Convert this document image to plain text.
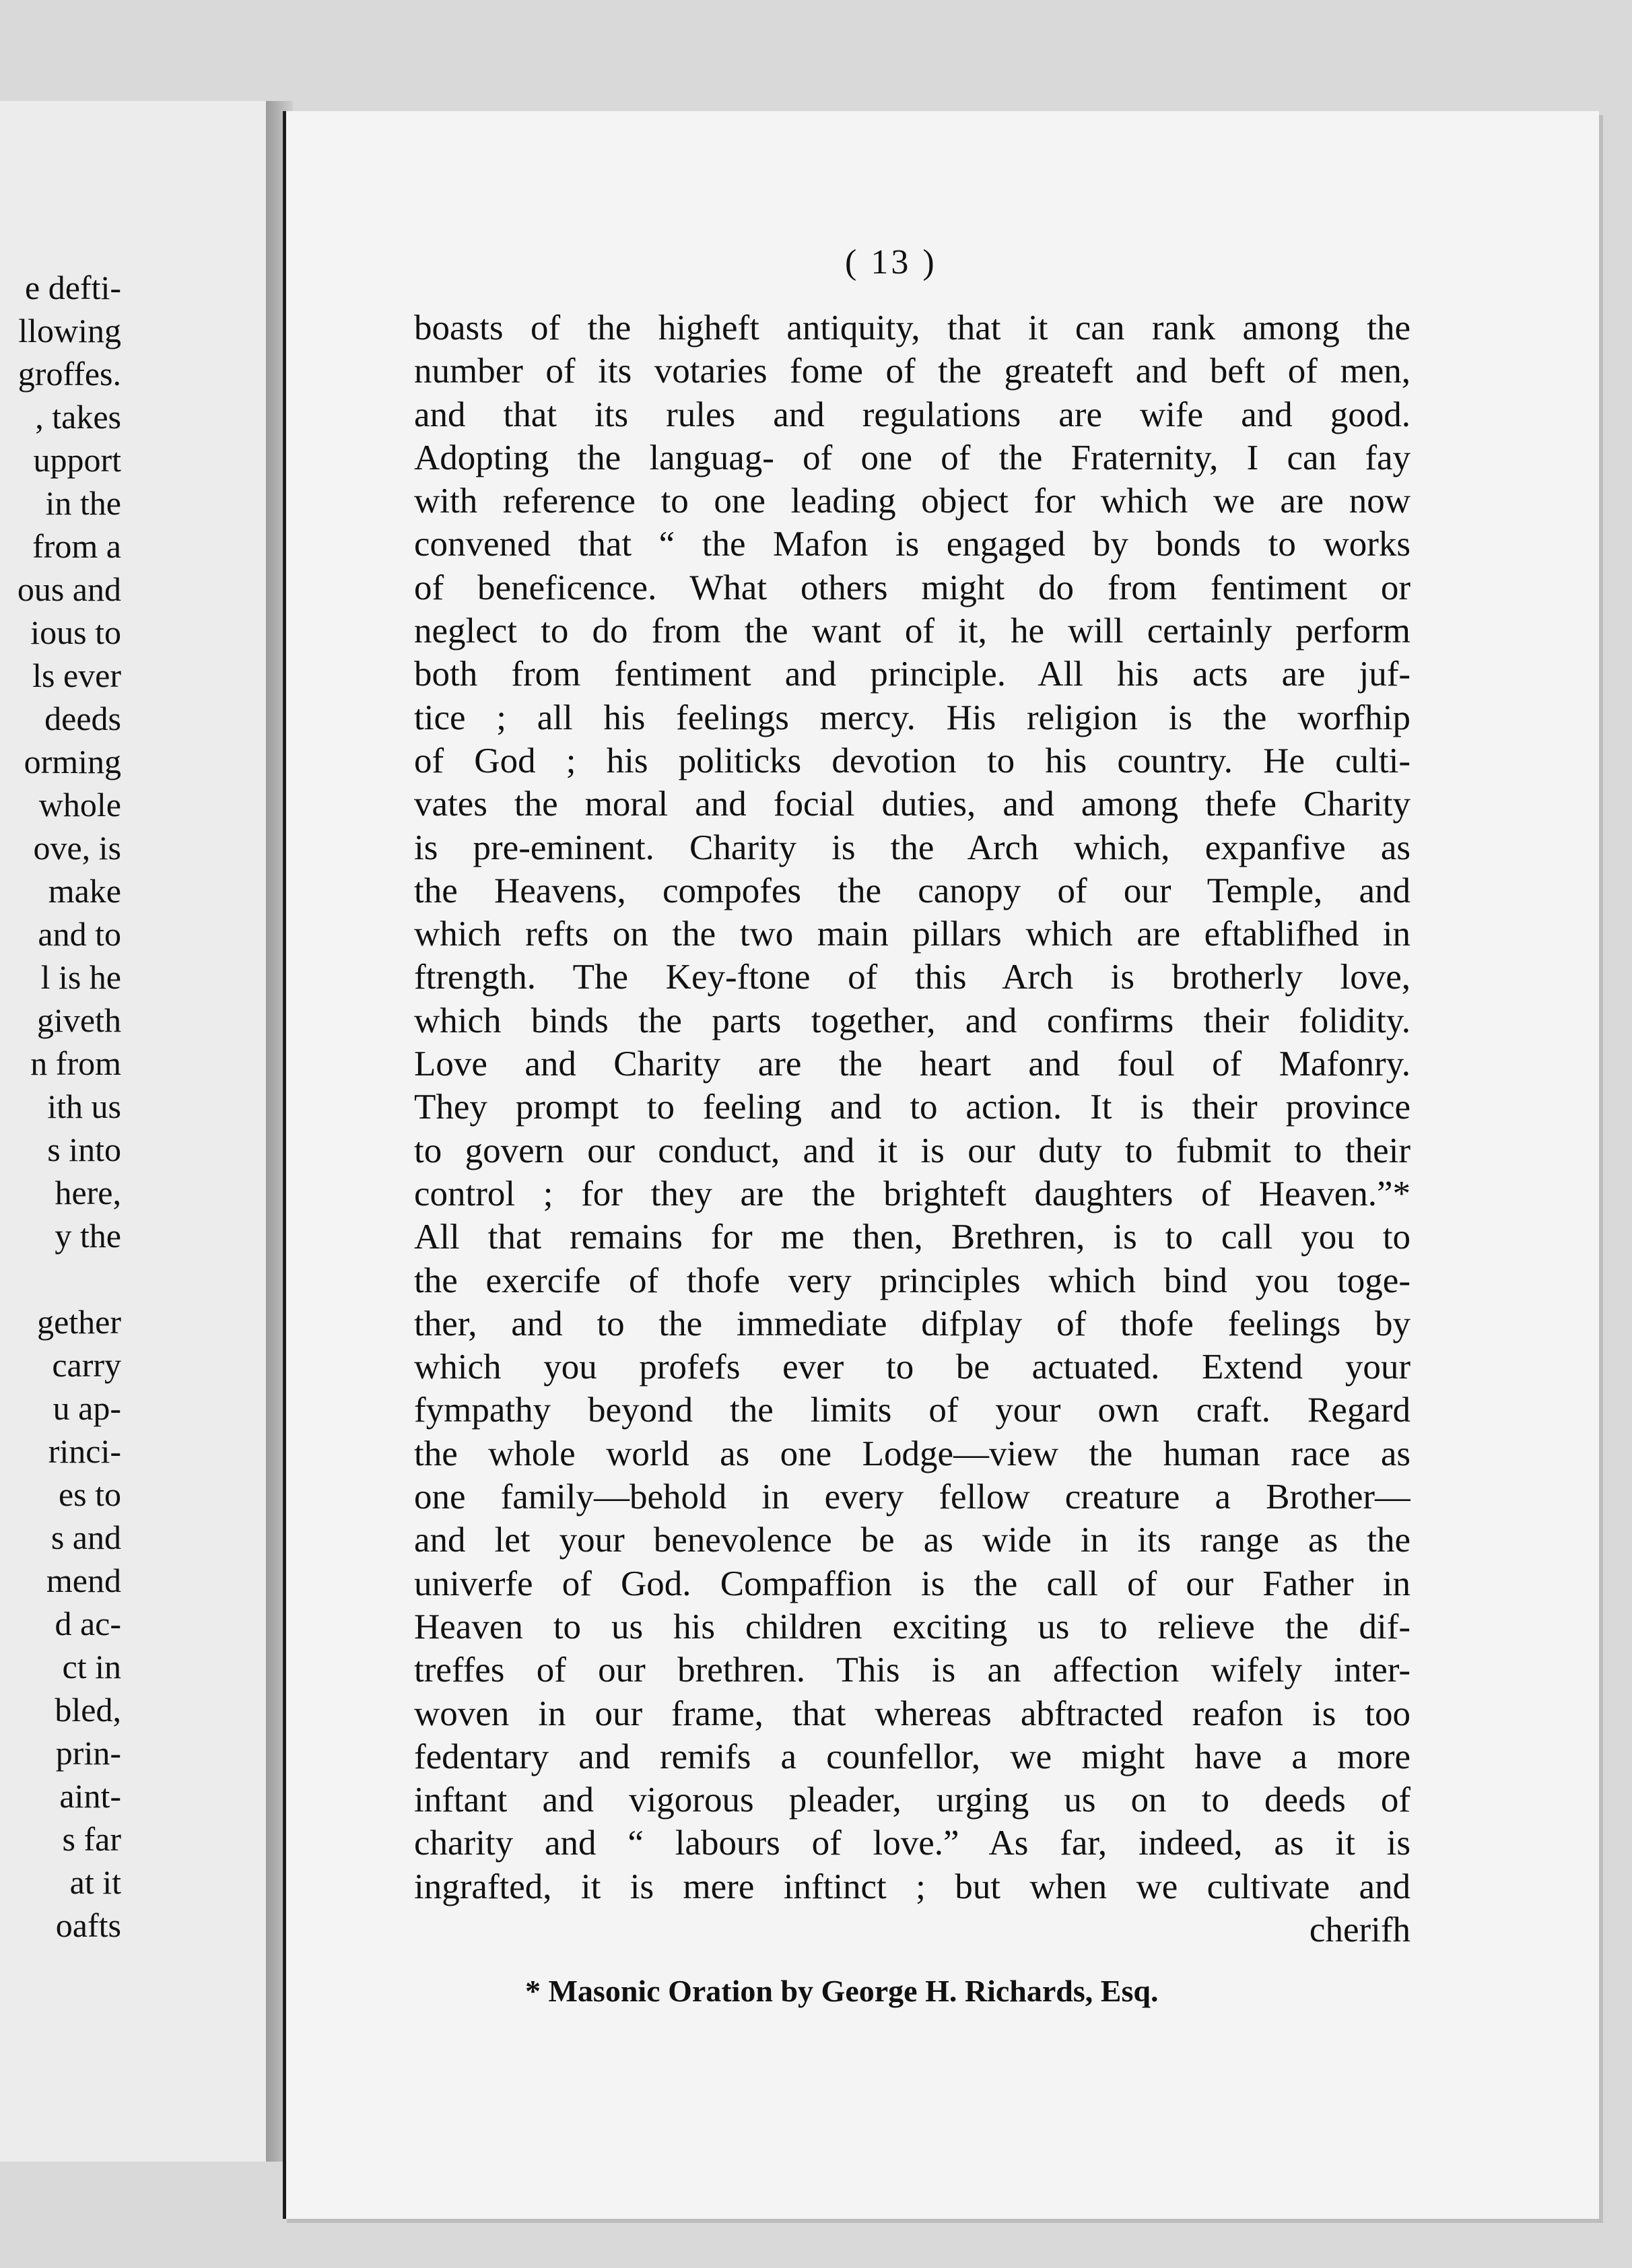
e defti-
llowing
groffes.
, takes
upport
in the
from a
ous and
ious to
ls ever
deeds
orming
whole
ove, is
make
and to
l is he
giveth
n from
ith us
s into
here,
y the
gether
carry
u ap-
rinci-
es to
s and
mend
d ac-
ct in
bled,
prin-
aint-
s far
at it
oafts
( 13 )
boasts of the higheft antiquity, that it can rank among the
number of its votaries fome of the greateft and beft of men,
and that its rules and regulations are wife and good.
Adopting the languag- of one of the Fraternity, I can fay
with reference to one leading object for which we are now
convened that “ the Mafon is engaged by bonds to works
of beneficence. What others might do from fentiment or
neglect to do from the want of it, he will certainly perform
both from fentiment and principle. All his acts are juf-
tice ; all his feelings mercy. His religion is the worfhip
of God ; his politicks devotion to his country. He culti-
vates the moral and focial duties, and among thefe Charity
is pre-eminent. Charity is the Arch which, expanfive as
the Heavens, compofes the canopy of our Temple, and
which refts on the two main pillars which are eftablifhed in
ftrength. The Key-ftone of this Arch is brotherly love,
which binds the parts together, and confirms their folidity.
Love and Charity are the heart and foul of Mafonry.
They prompt to feeling and to action. It is their province
to govern our conduct, and it is our duty to fubmit to their
control ; for they are the brighteft daughters of Heaven.”*
All that remains for me then, Brethren, is to call you to
the exercife of thofe very principles which bind you toge-
ther, and to the immediate difplay of thofe feelings by
which you profefs ever to be actuated. Extend your
fympathy beyond the limits of your own craft. Regard
the whole world as one Lodge—view the human race as
one family—behold in every fellow creature a Brother—
and let your benevolence be as wide in its range as the
univerfe of God. Compaffion is the call of our Father in
Heaven to us his children exciting us to relieve the dif-
treffes of our brethren. This is an affection wifely inter-
woven in our frame, that whereas abftracted reafon is too
fedentary and remifs a counfellor, we might have a more
inftant and vigorous pleader, urging us on to deeds of
charity and “ labours of love.” As far, indeed, as it is
ingrafted, it is mere inftinct ; but when we cultivate and
cherifh
* Masonic Oration by George H. Richards, Esq.
